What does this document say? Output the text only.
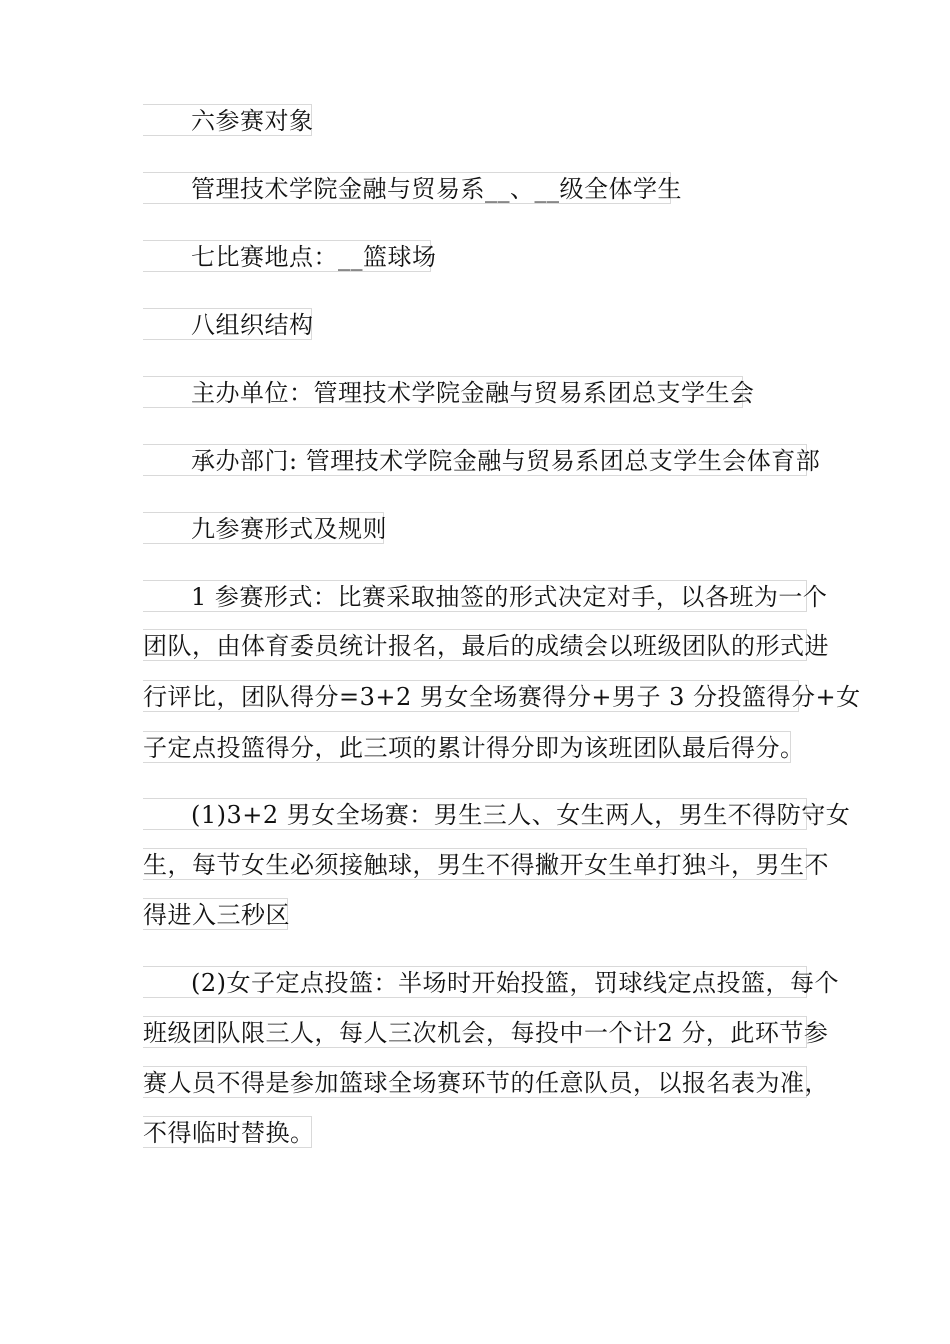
六参赛对象
管理技术学院金融与贸易系__、__级全体学生
七比赛地点：__篮球场
八组织结构
主办单位：管理技术学院金融与贸易系团总支学生会
承办部门: 管理技术学院金融与贸易系团总支学生会体育部
九参赛形式及规则
1 参赛形式：比赛采取抽签的形式决定对手，以各班为一个
团队，由体育委员统计报名，最后的成绩会以班级团队的形式进
行评比，团队得分=3+2 男女全场赛得分+男子 3 分投篮得分+女
子定点投篮得分，此三项的累计得分即为该班团队最后得分。
(1)3+2 男女全场赛：男生三人、女生两人，男生不得防守女
生，每节女生必须接触球，男生不得撇开女生单打独斗，男生不
得进入三秒区
(2)女子定点投篮：半场时开始投篮，罚球线定点投篮，每个
班级团队限三人，每人三次机会，每投中一个计2 分，此环节参
赛人员不得是参加篮球全场赛环节的任意队员，以报名表为准，
不得临时替换。
